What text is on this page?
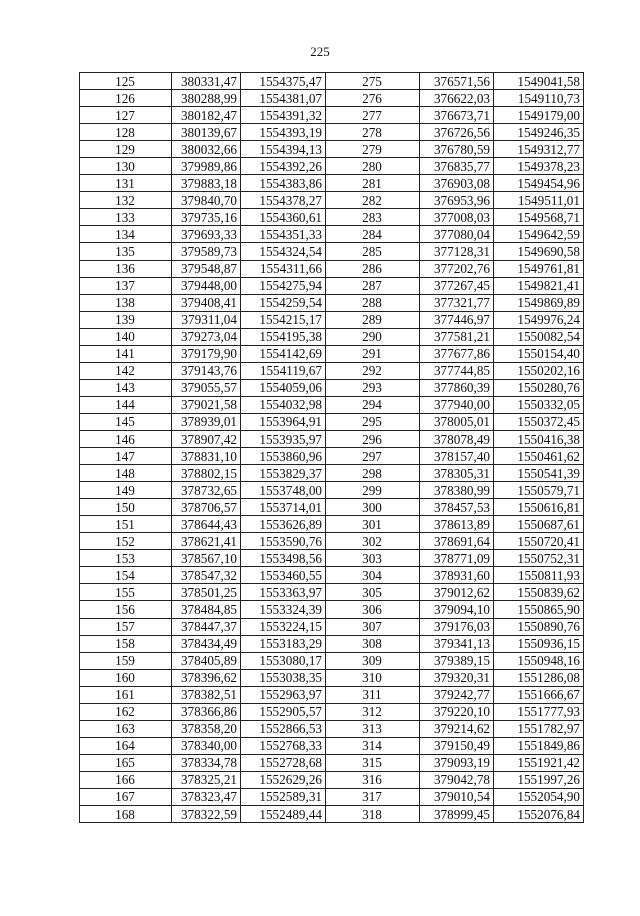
225
125	380331,47	1554375,47	275	376571,56	1549041,58
126	380288,99	1554381,07	276	376622,03	1549110,73
127	380182,47	1554391,32	277	376673,71	1549179,00
128	380139,67	1554393,19	278	376726,56	1549246,35
129	380032,66	1554394,13	279	376780,59	1549312,77
130	379989,86	1554392,26	280	376835,77	1549378,23
131	379883,18	1554383,86	281	376903,08	1549454,96
132	379840,70	1554378,27	282	376953,96	1549511,01
133	379735,16	1554360,61	283	377008,03	1549568,71
134	379693,33	1554351,33	284	377080,04	1549642,59
135	379589,73	1554324,54	285	377128,31	1549690,58
136	379548,87	1554311,66	286	377202,76	1549761,81
137	379448,00	1554275,94	287	377267,45	1549821,41
138	379408,41	1554259,54	288	377321,77	1549869,89
139	379311,04	1554215,17	289	377446,97	1549976,24
140	379273,04	1554195,38	290	377581,21	1550082,54
141	379179,90	1554142,69	291	377677,86	1550154,40
142	379143,76	1554119,67	292	377744,85	1550202,16
143	379055,57	1554059,06	293	377860,39	1550280,76
144	379021,58	1554032,98	294	377940,00	1550332,05
145	378939,01	1553964,91	295	378005,01	1550372,45
146	378907,42	1553935,97	296	378078,49	1550416,38
147	378831,10	1553860,96	297	378157,40	1550461,62
148	378802,15	1553829,37	298	378305,31	1550541,39
149	378732,65	1553748,00	299	378380,99	1550579,71
150	378706,57	1553714,01	300	378457,53	1550616,81
151	378644,43	1553626,89	301	378613,89	1550687,61
152	378621,41	1553590,76	302	378691,64	1550720,41
153	378567,10	1553498,56	303	378771,09	1550752,31
154	378547,32	1553460,55	304	378931,60	1550811,93
155	378501,25	1553363,97	305	379012,62	1550839,62
156	378484,85	1553324,39	306	379094,10	1550865,90
157	378447,37	1553224,15	307	379176,03	1550890,76
158	378434,49	1553183,29	308	379341,13	1550936,15
159	378405,89	1553080,17	309	379389,15	1550948,16
160	378396,62	1553038,35	310	379320,31	1551286,08
161	378382,51	1552963,97	311	379242,77	1551666,67
162	378366,86	1552905,57	312	379220,10	1551777,93
163	378358,20	1552866,53	313	379214,62	1551782,97
164	378340,00	1552768,33	314	379150,49	1551849,86
165	378334,78	1552728,68	315	379093,19	1551921,42
166	378325,21	1552629,26	316	379042,78	1551997,26
167	378323,47	1552589,31	317	379010,54	1552054,90
168	378322,59	1552489,44	318	378999,45	1552076,84
